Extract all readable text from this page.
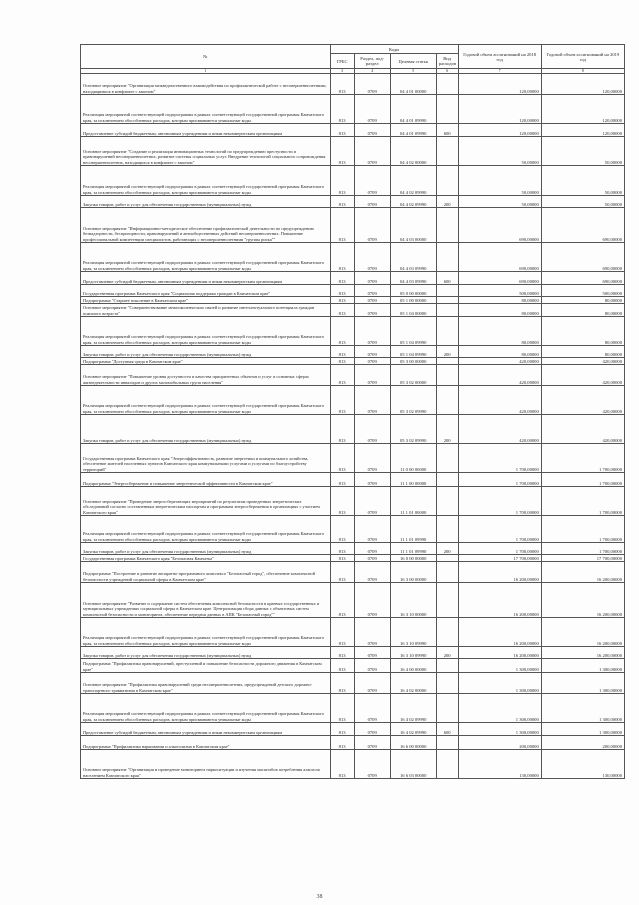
№	Коды				Годовой объем ассигнований на 2018 год	Годовой объем ассигнований на 2019 год
	ГРБС	Раздел, под-раздел	Целевая статья	Вид расходов		
1	3	4	5	6	7	8
Основное мероприятие "Организация межведомственного взаимодействия по профилактической работе с несовершеннолетними, находящимися в конфликте с законом"	813	0709	04 4 01 00000		120,00000	120,00000
Реализация мероприятий соответствующей подпрограммы в рамках соответствующей государственной программы Камчатского края, за исключением обособленных расходов, которым присваиваются уникальные коды	813	0709	04 4 01 09990		120,00000	120,00000
Предоставление субсидий бюджетным, автономным учреждениям и иным некоммерческим организациям	813	0709	04 4 01 09990	600	120,00000	120,00000
Основное мероприятие "Создание и реализация инновационных технологий по предупреждению преступности и правонарушений несовершеннолетних, развитие системы социальных услуг. Внедрение технологий социального сопровождения несовершеннолетних, находящихся в конфликте с законом"	813	0709	04 4 02 00000		50,00000	50,00000
Реализация мероприятий соответствующей подпрограммы в рамках соответствующей государственной программы Камчатского края, за исключением обособленных расходов, которым присваиваются уникальные коды	813	0709	04 4 02 09990		50,00000	50,00000
Закупка товаров, работ и услуг для обеспечения государственных (муниципальных) нужд	813	0709	04 4 02 09990	200	50,00000	50,00000
Основное мероприятие "Информационно-методическое обеспечение профилактической деятельности по предупреждению безнадзорности, беспризорности, правонарушений и антиобщественных действий несовершеннолетних. Повышение профессиональной компетенции специалистов, работающих с несовершеннолетними "группы риска""	813	0709	04 4 03 00000		690,00000	690,00000
Реализация мероприятий соответствующей подпрограммы в рамках соответствующей государственной программы Камчатского края, за исключением обособленных расходов, которым присваиваются уникальные коды	813	0709	04 4 03 09990		690,00000	690,00000
Предоставление субсидий бюджетным, автономным учреждениям и иным некоммерческим организациям	813	0709	04 4 03 09990	600	690,00000	690,00000
Государственная программа Камчатского края "Социальная поддержка граждан в Камчатском крае"	813	0709	05 0 00 00000		500,00000	500,00000
Подпрограмма "Старшее поколение в Камчатском крае"	813	0709	05 1 00 00000		80,00000	80,00000
Основное мероприятие "Совершенствование межпоколенческих связей и развитие интеллектуального потенциала граждан пожилого возраста"	813	0709	05 1 04 00000		80,00000	80,00000
Реализация мероприятий соответствующей подпрограммы в рамках соответствующей государственной программы Камчатского края, за исключением обособленных расходов, которым присваиваются уникальные коды	813	0709	05 1 04 09990		80,00000	80,00000
Закупка товаров, работ и услуг для обеспечения государственных (муниципальных) нужд	813	0709	05 1 04 09990	200	80,00000	80,00000
Подпрограмма "Доступная среда в Камчатском крае"	813	0709	05 3 00 00000		420,00000	420,00000
Основное мероприятие "Повышение уровня доступности и качества приоритетных объектов и услуг в основных сферах жизнедеятельности инвалидов и других маломобильных групп населения"	813	0709	05 3 02 00000		420,00000	420,00000
Реализация мероприятий соответствующей подпрограммы в рамках соответствующей государственной программы Камчатского края, за исключением обособленных расходов, которым присваиваются уникальные коды	813	0709	05 3 02 09990		420,00000	420,00000
Закупка товаров, работ и услуг для обеспечения государственных (муниципальных) нужд	813	0709	05 3 02 09990	200	420,00000	420,00000
Государственная программа Камчатского края "Энергоэффективность, развитие энергетики и коммунального хозяйства, обеспечение жителей населенных пунктов Камчатского края коммунальными услугами и услугами по благоустройству территорий"	813	0709	11 0 00 00000		1 700,00000	1 700,00000
Подпрограмма "Энергосбережение и повышение энергетической эффективности в Камчатском крае"	813	0709	11 1 00 00000		1 700,00000	1 700,00000
Основное мероприятие "Проведение энергосберегающих мероприятий по результатам проведенных энергетических обследований согласно составленным энергетическим паспортам и программам энергосбережения в организациях с участием Камчатского края"	813	0709	11 1 01 00000		1 700,00000	1 700,00000
Реализация мероприятий соответствующей подпрограммы в рамках соответствующей государственной программы Камчатского края, за исключением обособленных расходов, которым присваиваются уникальные коды	813	0709	11 1 01 09990		1 700,00000	1 700,00000
Закупка товаров, работ и услуг для обеспечения государственных (муниципальных) нужд	813	0709	11 1 01 09990	200	1 700,00000	1 700,00000
Государственная программа Камчатского края "Безопасная Камчатка"	813	0709	16 0 00 00000		17 700,00000	17 700,00000
Подпрограмма "Построение и развитие аппаратно-программного комплекса "Безопасный город", обеспечение комплексной безопасности учреждений социальной сферы в Камчатском крае"	813	0709	16 3 00 00000		16 200,00000	16 200,00000
Основное мероприятие "Развитие и содержание систем обеспечения комплексной безопасности в краевых государственных и муниципальных учреждениях социальной сферы в Камчатском крае. Централизация сбора данных с объектовых систем комплексной безопасности и мониторинга, обеспечение передачи данных в АПК "Безопасный город""	813	0709	16 3 10 00000		16 200,00000	16 200,00000
Реализация мероприятий соответствующей подпрограммы в рамках соответствующей государственной программы Камчатского края, за исключением обособленных расходов, которым присваиваются уникальные коды	813	0709	16 3 10 09990		16 200,00000	16 200,00000
Закупка товаров, работ и услуг для обеспечения государственных (муниципальных) нужд	813	0709	16 3 10 09990	200	16 200,00000	16 200,00000
Подпрограмма "Профилактика правонарушений, преступлений и повышение безопасности дорожного движения в Камчатском крае"	813	0709	16 4 00 00000		1 300,00000	1 300,00000
Основное мероприятие "Профилактика правонарушений среди несовершеннолетних, предупреждений детского дорожно-транспортного травматизма в Камчатском крае"	813	0709	16 4 02 00000		1 300,00000	1 300,00000
Реализация мероприятий соответствующей подпрограммы в рамках соответствующей государственной программы Камчатского края, за исключением обособленных расходов, которым присваиваются уникальные коды	813	0709	16 4 02 09990		1 300,00000	1 300,00000
Предоставление субсидий бюджетным, автономным учреждениям и иным некоммерческим организациям	813	0709	16 4 02 09990	600	1 300,00000	1 300,00000
Подпрограмма "Профилактика наркомании и алкоголизма в Камчатском крае"	813	0709	16 6 00 00000		200,00000	200,00000
Основное мероприятие "Организация и проведение мониторинга наркоситуации и изучения масштабов потребления алкоголя населением Камчатского края"	813	0709	16 6 03 00000		130,00000	130,00000
38
